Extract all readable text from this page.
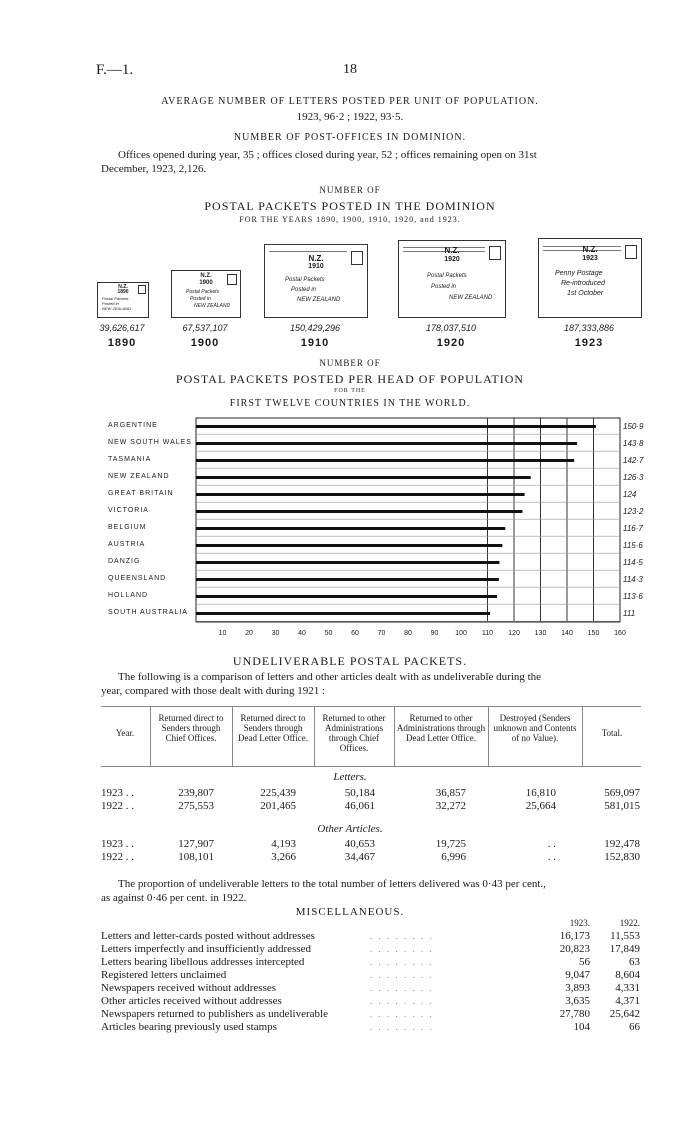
F.—1.	18
AVERAGE NUMBER OF LETTERS POSTED PER UNIT OF POPULATION.
1923, 96·2 ; 1922, 93·5.
NUMBER OF POST-OFFICES IN DOMINION.
Offices opened during year, 35 ; offices closed during year, 52 ; offices remaining open on 31st
December, 1923, 2,126.
NUMBER OF
POSTAL PACKETS POSTED IN THE DOMINION
FOR THE YEARS 1890, 1900, 1910, 1920, and 1923.
N.Z.
1890
Postal Packets
Posted in
NEW ZEALAND
39,626,617
1890
N.Z.
1900
Postal Packets
Posted in
NEW ZEALAND
67,537,107
1900
N.Z.
1910
Postal Packets
Posted in
NEW ZEALAND
150,429,296
1910
N.Z.
1920
Postal Packets
Posted in
NEW ZEALAND
178,037,510
1920
N.Z.
1923
Penny Postage
Re-introduced
1st October
187,333,886
1923
NUMBER OF
POSTAL PACKETS POSTED PER HEAD OF POPULATION
FOR THE
FIRST TWELVE COUNTRIES IN THE WORLD.
ARGENTINE	150·9
NEW SOUTH WALES	143·8
TASMANIA	142·7
NEW ZEALAND	126·3
GREAT BRITAIN	124
VICTORIA	123·2
BELGIUM	116·7
AUSTRIA	115·6
DANZIG	114·5
QUEENSLAND	114·3
HOLLAND	113·6
SOUTH AUSTRALIA	111
10	20	30	40	50	60	70	80	90	100	110	120	130	140	150	160
UNDELIVERABLE POSTAL PACKETS.
The following is a comparison of letters and other articles dealt with as undeliverable during the
year, compared with those dealt with during 1921 :
Year.
Returned direct to Senders through Chief Offices.
Returned direct to Senders through Dead Letter Office.
Returned to other Administrations through Chief Offices.
Returned to other Administrations through Dead Letter Office.
Destroyed (Senders unknown and Contents of no Value).	Total.
Letters.
1923 . .	239,807	225,439	50,184	36,857	16,810	569,097
1922 . .	275,553	201,465	46,061	32,272	25,664	581,015
Other Articles.
1923 . .	127,907	4,193	40,653	19,725	. .	192,478
1922 . .	108,101	3,266	34,467	6,996	. .	152,830
The proportion of undeliverable letters to the total number of letters delivered was 0·43 per cent.,
as against 0·46 per cent. in 1922.
MISCELLANEOUS.
1923.	1922.
Letters and letter-cards posted without addresses	. . . . . . . .	16,173	11,553
Letters imperfectly and insufficiently addressed	. . . . . . . .	20,823	17,849
Letters bearing libellous addresses intercepted	. . . . . . . .	56	63
Registered letters unclaimed	. . . . . . . .	9,047	8,604
Newspapers received without addresses	. . . . . . . .	3,893	4,331
Other articles received without addresses	. . . . . . . .	3,635	4,371
Newspapers returned to publishers as undeliverable	. . . . . . . .	27,780	25,642
Articles bearing previously used stamps	. . . . . . . .	104	66
